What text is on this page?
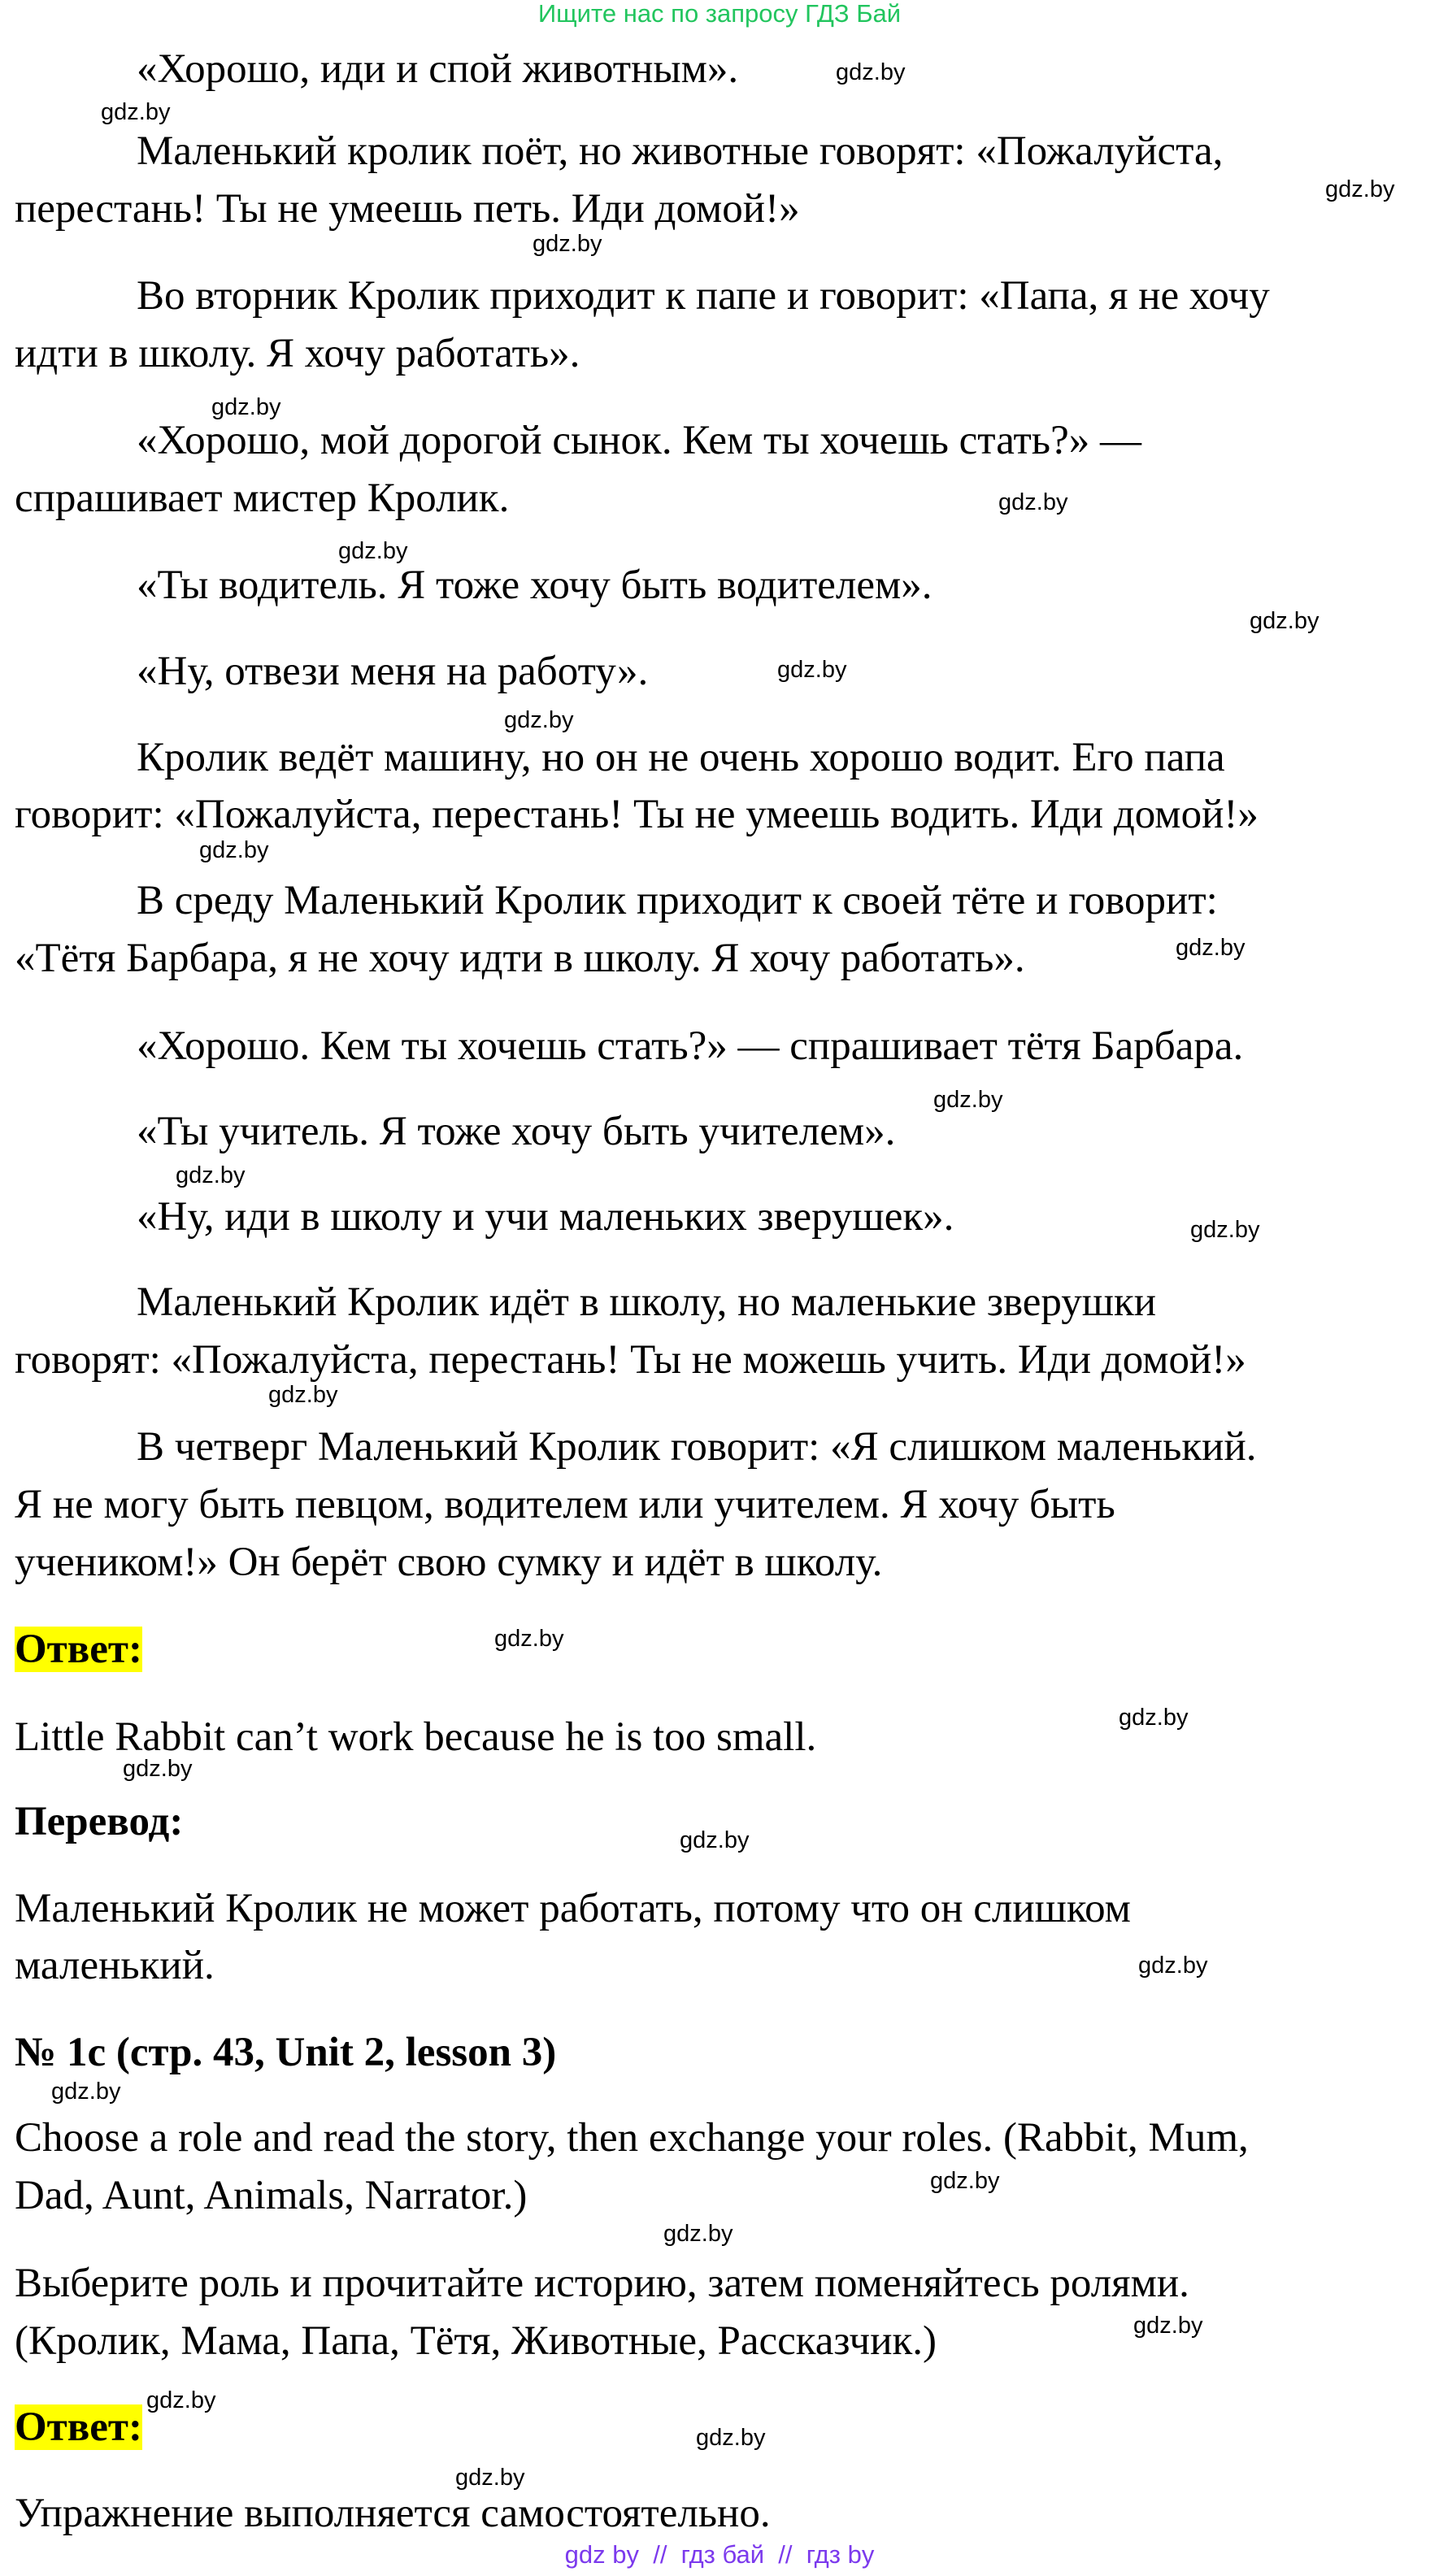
Ищите нас по запросу ГДЗ Бай

«Хорошо, иди и спой животным».

Маленький кролик поёт, но животные говорят: «Пожалуйста,

перестань! Ты не умеешь петь. Иди домой!»

Во вторник Кролик приходит к папе и говорит: «Папа, я не хочу

идти в школу. Я хочу работать».

«Хорошо, мой дорогой сынок. Кем ты хочешь стать?» —

спрашивает мистер Кролик.

«Ты водитель. Я тоже хочу быть водителем».

«Ну, отвези меня на работу».

Кролик ведёт машину, но он не очень хорошо водит. Его папа

говорит: «Пожалуйста, перестань! Ты не умеешь водить. Иди домой!»

В среду Маленький Кролик приходит к своей тёте и говорит:

«Тётя Барбара, я не хочу идти в школу. Я хочу работать».

«Хорошо. Кем ты хочешь стать?» — спрашивает тётя Барбара.

«Ты учитель. Я тоже хочу быть учителем».

«Ну, иди в школу и учи маленьких зверушек».

Маленький Кролик идёт в школу, но маленькие зверушки

говорят: «Пожалуйста, перестань! Ты не можешь учить. Иди домой!»

В четверг Маленький Кролик говорит: «Я слишком маленький.

Я не могу быть певцом, водителем или учителем. Я хочу быть

учеником!» Он берёт свою сумку и идёт в школу.

Ответ:

Little Rabbit can’t work because he is too small.

Перевод:

Маленький Кролик не может работать, потому что он слишком

маленький.

№ 1c (стр. 43, Unit 2, lesson 3)

Choose a role and read the story, then exchange your roles. (Rabbit, Mum,

Dad, Aunt, Animals, Narrator.)

Выберите роль и прочитайте историю, затем поменяйтесь ролями.

(Кролик, Мама, Папа, Тётя, Животные, Рассказчик.)

Ответ:

Упражнение выполняется самостоятельно.

gdz.by
gdz.by
gdz.by
gdz.by
gdz.by
gdz.by
gdz.by
gdz.by
gdz.by
gdz.by
gdz.by
gdz.by
gdz.by
gdz.by
gdz.by
gdz.by
gdz.by
gdz.by
gdz.by
gdz.by
gdz.by
gdz.by
gdz.by
gdz.by
gdz.by
gdz.by
gdz.by
gdz.by
gdz by  //  гдз бай  //  гдз by
